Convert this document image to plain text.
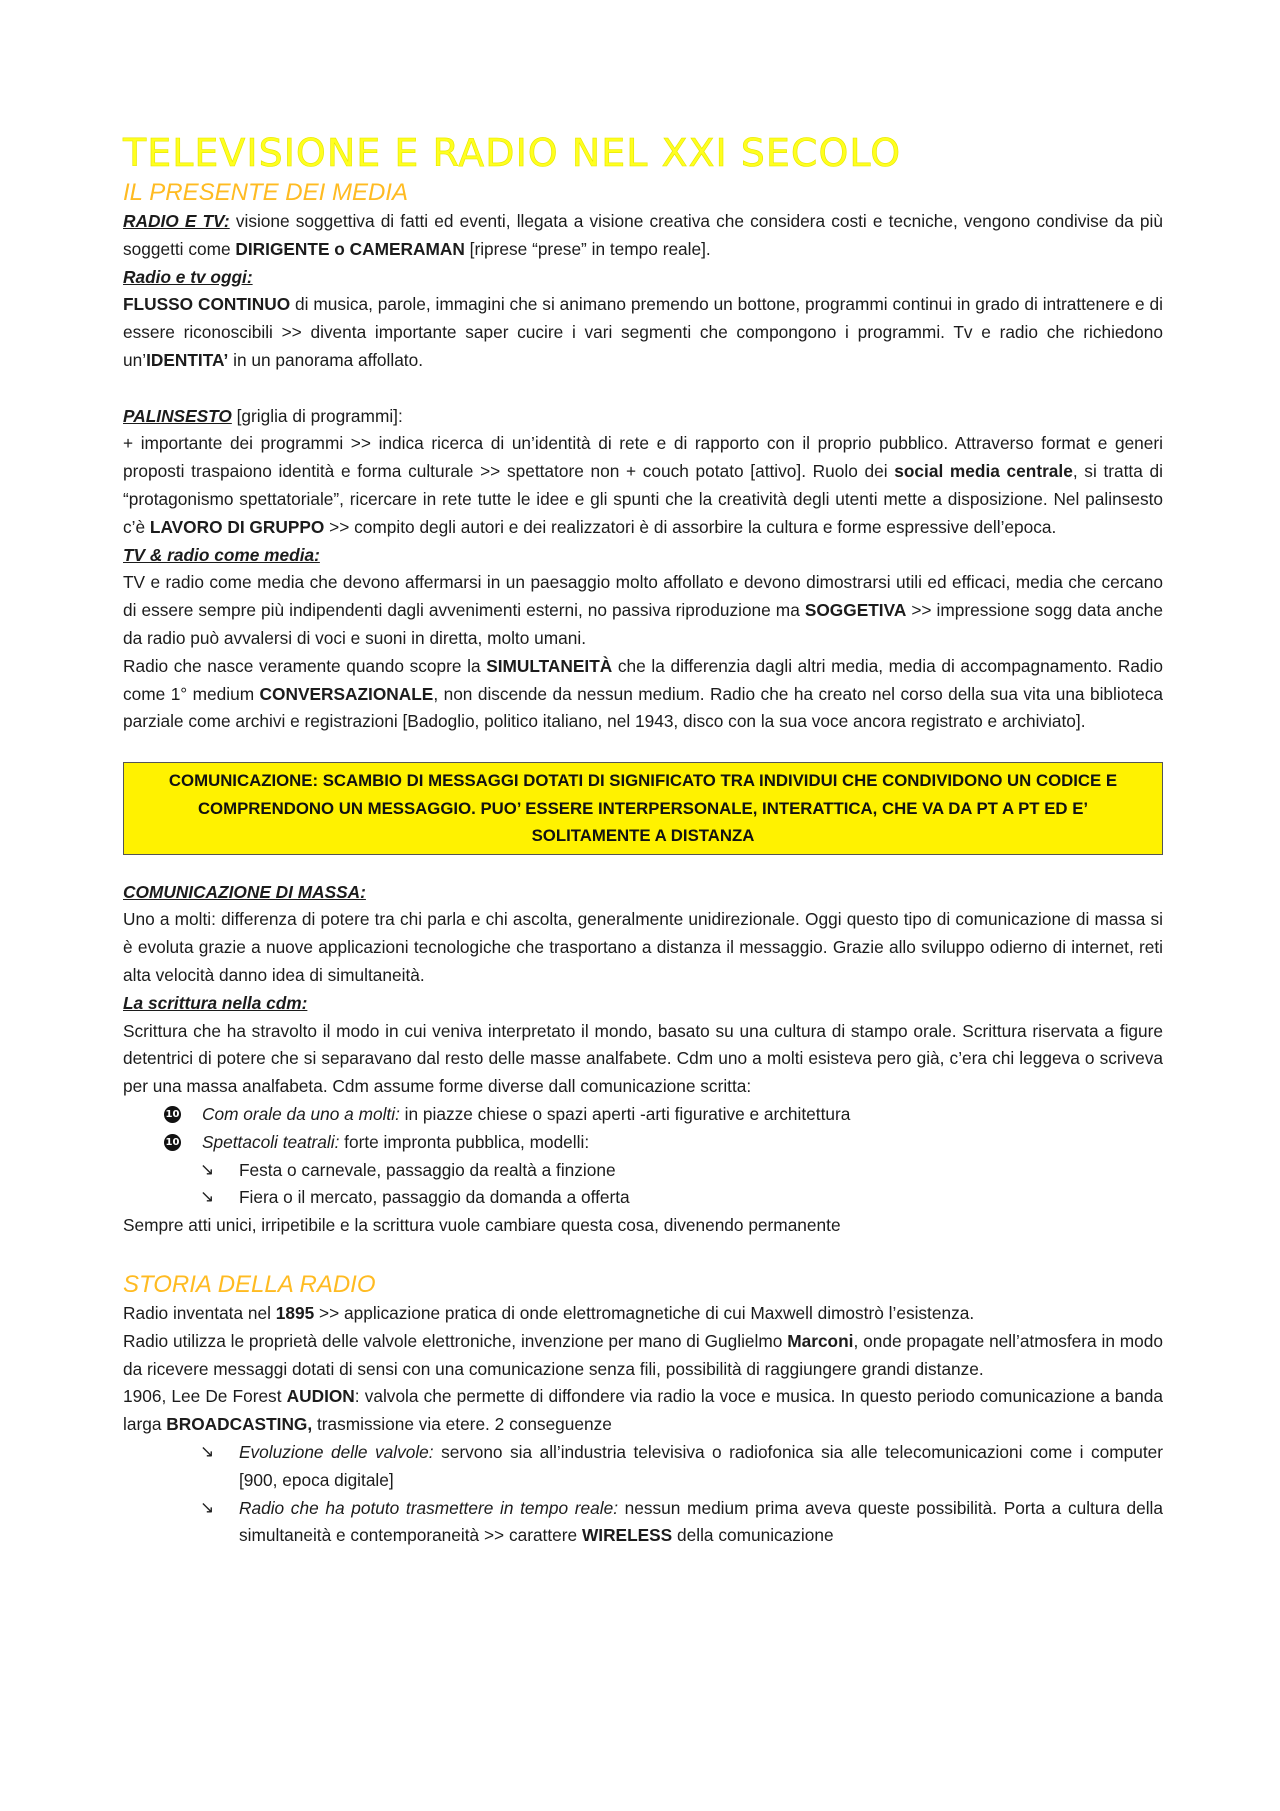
TELEVISIONE E RADIO NEL XXI SECOLO
IL PRESENTE DEI MEDIA

RADIO E TV: visione soggettiva di fatti ed eventi, llegata a visione creativa che considera costi e tecniche, vengono condivise da più soggetti come DIRIGENTE o CAMERAMAN [riprese “prese” in tempo reale].

Radio e tv oggi:

FLUSSO CONTINUO di musica, parole, immagini che si animano premendo un bottone, programmi continui in grado di intrattenere e di essere riconoscibili >> diventa importante saper cucire i vari segmenti che compongono i programmi. Tv e radio che richiedono un’IDENTITA’ in un panorama affollato.

PALINSESTO [griglia di programmi]:

+ importante dei programmi >> indica ricerca di un’identità di rete e di rapporto con il proprio pubblico. Attraverso format e generi proposti traspaiono identità e forma culturale >> spettatore non + couch potato [attivo]. Ruolo dei social media centrale, si tratta di “protagonismo spettatoriale”, ricercare in rete tutte le idee e gli spunti che la creatività degli utenti mette a disposizione. Nel palinsesto c’è LAVORO DI GRUPPO >> compito degli autori e dei realizzatori è di assorbire la cultura e forme espressive dell’epoca.

TV & radio come media:

TV e radio come media che devono affermarsi in un paesaggio molto affollato e devono dimostrarsi utili ed efficaci, media che cercano di essere sempre più indipendenti dagli avvenimenti esterni, no passiva riproduzione ma SOGGETIVA >> impressione sogg data anche da radio può avvalersi di voci e suoni in diretta, molto umani.

Radio che nasce veramente quando scopre la SIMULTANEITÀ che la differenzia dagli altri media, media di accompagnamento. Radio come 1° medium CONVERSAZIONALE, non discende da nessun medium. Radio che ha creato nel corso della sua vita una biblioteca parziale come archivi e registrazioni [Badoglio, politico italiano, nel 1943, disco con la sua voce ancora registrato e archiviato].

COMUNICAZIONE: SCAMBIO DI MESSAGGI DOTATI DI SIGNIFICATO TRA INDIVIDUI CHE CONDIVIDONO UN CODICE E COMPRENDONO UN MESSAGGIO. PUO’ ESSERE INTERPERSONALE, INTERATTICA, CHE VA DA PT A PT ED E’ SOLITAMENTE A DISTANZA

COMUNICAZIONE DI MASSA:

Uno a molti: differenza di potere tra chi parla e chi ascolta, generalmente unidirezionale. Oggi questo tipo di comunicazione di massa si è evoluta grazie a nuove applicazioni tecnologiche che trasportano a distanza il messaggio. Grazie allo sviluppo odierno di internet, reti alta velocità danno idea di simultaneità.

La scrittura nella cdm:

Scrittura che ha stravolto il modo in cui veniva interpretato il mondo, basato su una cultura di stampo orale. Scrittura riservata a figure detentrici di potere che si separavano dal resto delle masse analfabete. Cdm uno a molti esisteva pero già, c’era chi leggeva o scriveva per una massa analfabeta. Cdm assume forme diverse dall comunicazione scritta:

10 Com orale da uno a molti: in piazze chiese o spazi aperti -arti figurative e architettura
10 Spettacoli teatrali: forte impronta pubblica, modelli:
↘ Festa o carnevale, passaggio da realtà a finzione
↘ Fiera o il mercato, passaggio da domanda a offerta

Sempre atti unici, irripetibile e la scrittura vuole cambiare questa cosa, divenendo permanente

STORIA DELLA RADIO

Radio inventata nel 1895 >> applicazione pratica di onde elettromagnetiche di cui Maxwell dimostrò l’esistenza.

Radio utilizza le proprietà delle valvole elettroniche, invenzione per mano di Guglielmo Marconi, onde propagate nell’atmosfera in modo da ricevere messaggi dotati di sensi con una comunicazione senza fili, possibilità di raggiungere grandi distanze.

1906, Lee De Forest AUDION: valvola che permette di diffondere via radio la voce e musica. In questo periodo comunicazione a banda larga BROADCASTING, trasmissione via etere. 2 conseguenze

↘ Evoluzione delle valvole: servono sia all’industria televisiva o radiofonica sia alle telecomunicazioni come i computer [900, epoca digitale]
↘ Radio che ha potuto trasmettere in tempo reale: nessun medium prima aveva queste possibilità. Porta a cultura della simultaneità e contemporaneità >> carattere WIRELESS della comunicazione
